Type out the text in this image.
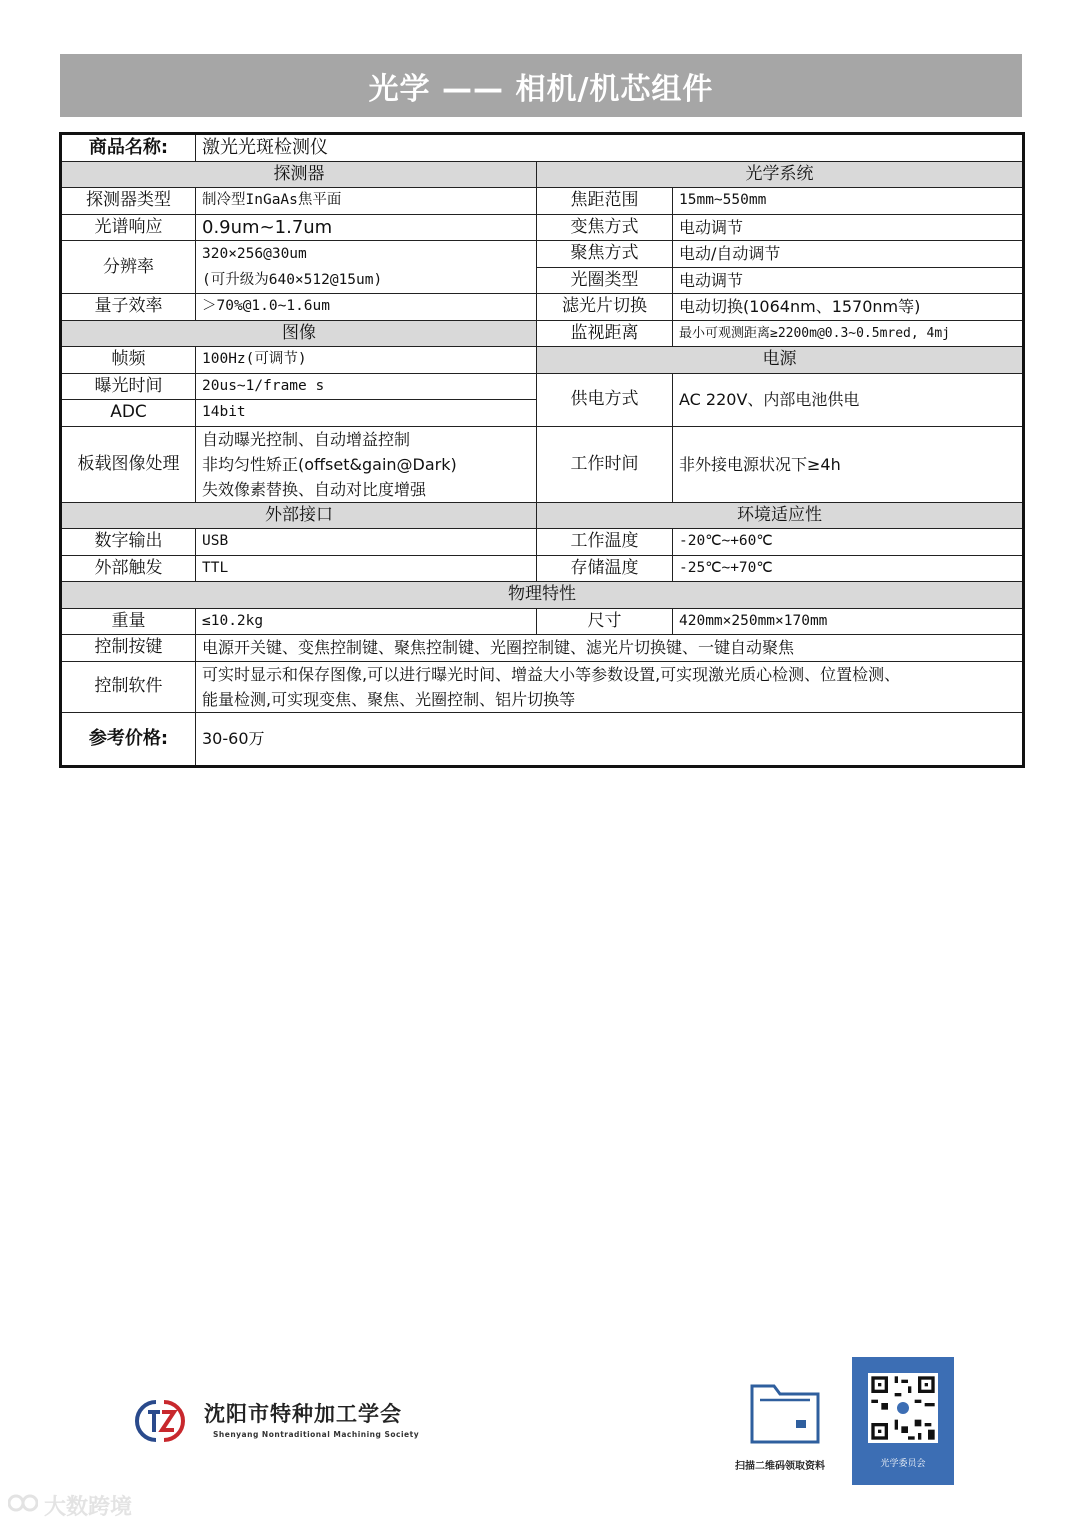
光学 —— 相机/机芯组件
商品名称:	激光光斑检测仪		
探测器		光学系统	
探测器类型	制冷型InGaAs焦平面	焦距范围	15mm~550mm
光谱响应	0.9um~1.7um	变焦方式	电动调节
分辨率	320×256@30um	聚焦方式	电动/自动调节
	(可升级为640×512@15um)	光圈类型	电动调节
量子效率	＞70%@1.0~1.6um	滤光片切换	电动切换(1064nm、1570nm等)
图像		监视距离	最小可观测距离≥2200m@0.3~0.5mred, 4mj
帧频	100Hz(可调节)	电源	
曝光时间	20us~1/frame s	供电方式	AC 220V、内部电池供电
ADC	14bit		
板载图像处理	自动曝光控制、自动增益控制
非均匀性矫正(offset&gain@Dark)
失效像素替换、自动对比度增强	工作时间	非外接电源状况下≥4h
外部接口		环境适应性	
数字输出	USB	工作温度	-20℃~+60℃
外部触发	TTL	存储温度	-25℃~+70℃
物理特性			
重量	≤10.2kg	尺寸	420mm×250mm×170mm
控制按键	电源开关键、变焦控制键、聚焦控制键、光圈控制键、滤光片切换键、一键自动聚焦		
控制软件	可实时显示和保存图像,可以进行曝光时间、增益大小等参数设置,可实现激光质心检测、位置检测、
能量检测,可实现变焦、聚焦、光圈控制、铝片切换等		

参考价格:	30-60万		
沈阳市特种加工学会
Shenyang Nontraditional Machining Society
扫描二维码领取资料	光学委员会
大数跨境
